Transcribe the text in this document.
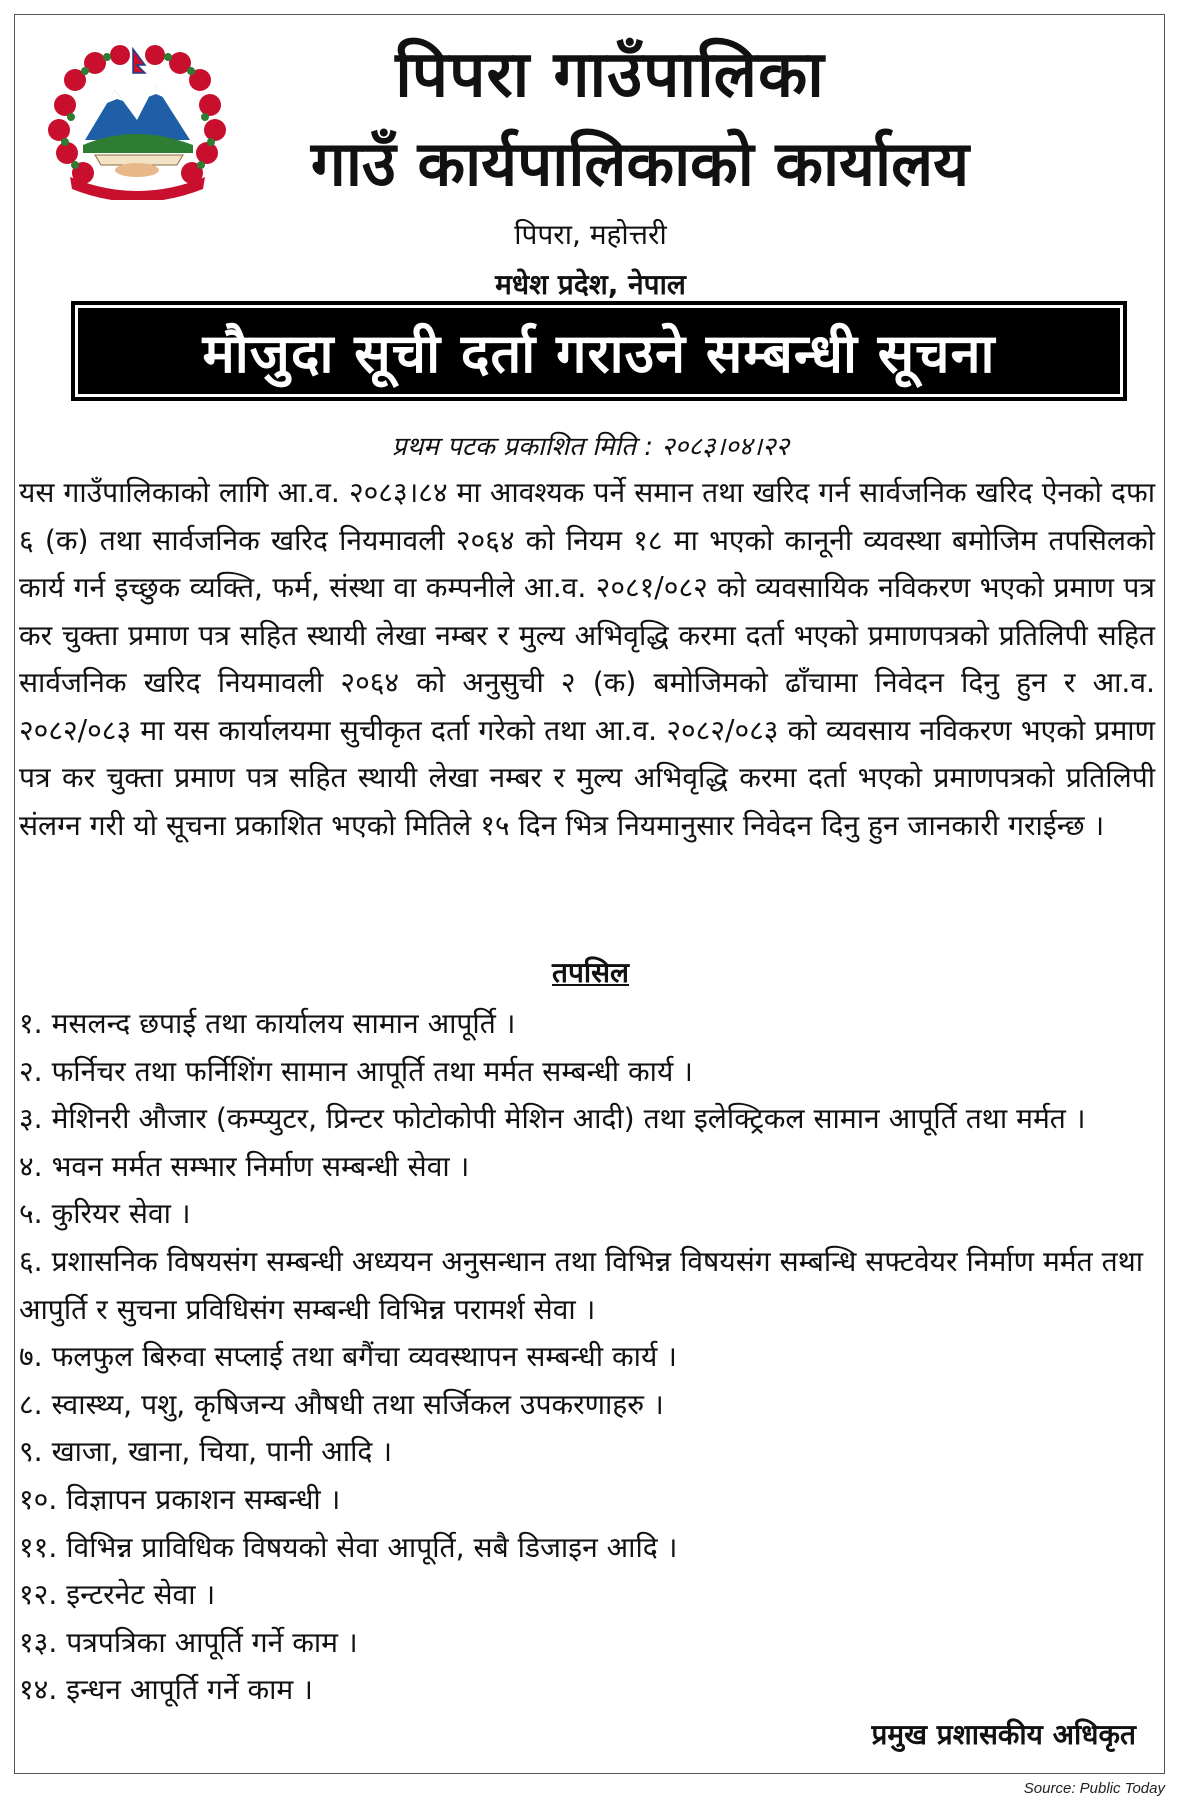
पिपरा गाउँपालिका
गाउँ कार्यपालिकाको कार्यालय
पिपरा, महोत्तरी
मधेश प्रदेश, नेपाल
मौजुदा सूची दर्ता गराउने सम्बन्धी सूचना
प्रथम पटक प्रकाशित मिति : २०८३।०४।२२

यस गाउँपालिकाको लागि आ.व. २०८३।८४ मा आवश्यक पर्ने समान तथा खरिद गर्न सार्वजनिक खरिद ऐनको दफा ६ (क) तथा सार्वजनिक खरिद नियमावली २०६४ को नियम १८ मा भएको कानूनी व्यवस्था बमोजिम तपसिलको कार्य गर्न इच्छुक व्यक्ति, फर्म, संस्था वा कम्पनीले आ.व. २०८१/०८२ को व्यवसायिक नविकरण भएको प्रमाण पत्र कर चुक्ता प्रमाण पत्र सहित स्थायी लेखा नम्बर र मुल्य अभिवृद्धि करमा दर्ता भएको प्रमाणपत्रको प्रतिलिपी सहित सार्वजनिक खरिद नियमावली २०६४ को अनुसुची २ (क) बमोजिमको ढाँचामा निवेदन दिनु हुन र आ.व. २०८२/०८३ मा यस कार्यालयमा सुचीकृत दर्ता गरेको तथा आ.व. २०८२/०८३ को व्यवसाय नविकरण भएको प्रमाण पत्र कर चुक्ता प्रमाण पत्र सहित स्थायी लेखा नम्बर र मुल्य अभिवृद्धि करमा दर्ता भएको प्रमाणपत्रको प्रतिलिपी संलग्न गरी यो सूचना प्रकाशित भएको मितिले १५ दिन भित्र नियमानुसार निवेदन दिनु हुन जानकारी गराईन्छ ।

तपसिल
१. मसलन्द छपाई तथा कार्यालय सामान आपूर्ति ।
२. फर्निचर तथा फर्निशिंग सामान आपूर्ति तथा मर्मत सम्बन्धी कार्य ।
३. मेशिनरी औजार (कम्प्युटर, प्रिन्टर फोटोकोपी मेशिन आदी) तथा इलेक्ट्रिकल सामान आपूर्ति तथा मर्मत ।
४. भवन मर्मत सम्भार निर्माण सम्बन्धी सेवा ।
५. कुरियर सेवा ।
६. प्रशासनिक विषयसंग सम्बन्धी अध्ययन अनुसन्धान तथा विभिन्न विषयसंग सम्बन्धि सफ्टवेयर निर्माण मर्मत तथा आपुर्ति र सुचना प्रविधिसंग सम्बन्धी विभिन्न परामर्श सेवा ।
७. फलफुल बिरुवा सप्लाई तथा बगैंचा व्यवस्थापन सम्बन्धी कार्य ।
८. स्वास्थ्य, पशु, कृषिजन्य औषधी तथा सर्जिकल उपकरणाहरु ।
९. खाजा, खाना, चिया, पानी आदि ।
१०. विज्ञापन प्रकाशन सम्बन्धी ।
११. विभिन्न प्राविधिक विषयको सेवा आपूर्ति, सबै डिजाइन आदि ।
१२. इन्टरनेट सेवा ।
१३. पत्रपत्रिका आपूर्ति गर्ने काम ।
१४. इन्धन आपूर्ति गर्ने काम ।
प्रमुख प्रशासकीय अधिकृत
Source: Public Today
